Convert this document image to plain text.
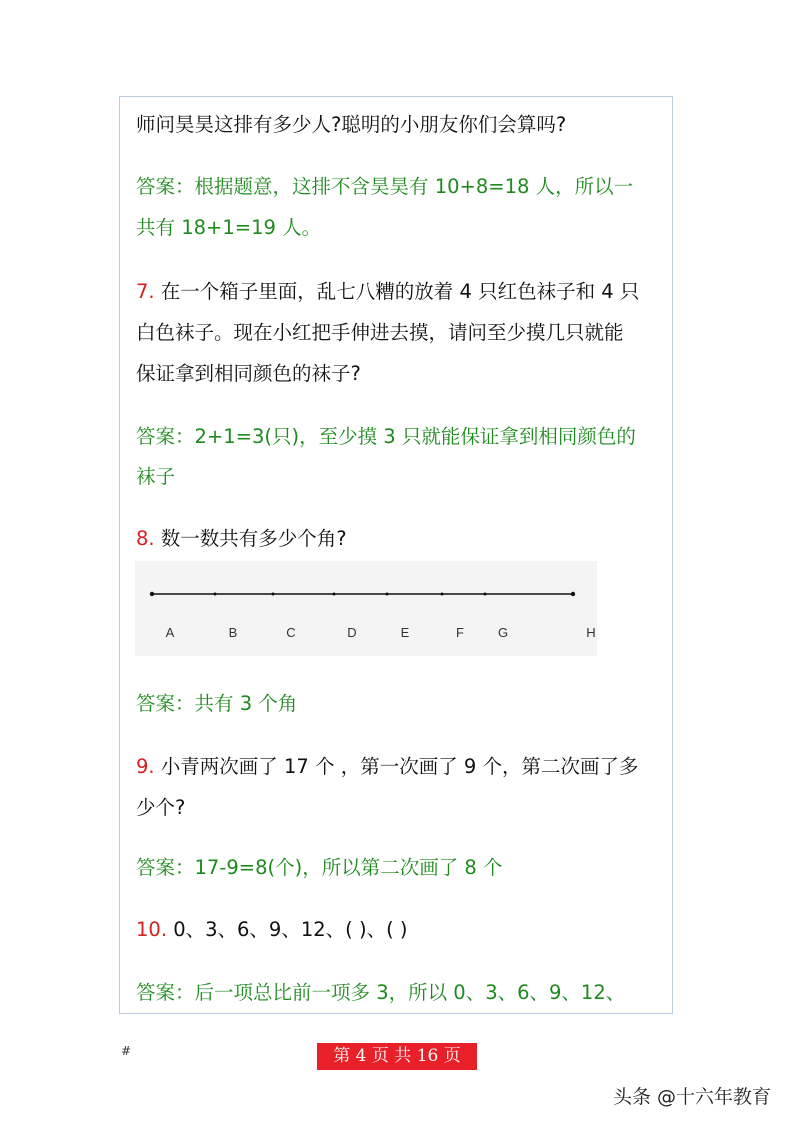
师问昊昊这排有多少人?聪明的小朋友你们会算吗?
答案：根据题意，这排不含昊昊有 10+8=18 人，所以一
共有 18+1=19 人。
7. 在一个箱子里面，乱七八糟的放着 4 只红色袜子和 4 只
白色袜子。现在小红把手伸进去摸，请问至少摸几只就能
保证拿到相同颜色的袜子?
答案：2+1=3(只)，至少摸 3 只就能保证拿到相同颜色的
袜子
8. 数一数共有多少个角?
A	B	C	D	E	F	G	H
答案：共有 3 个角
9. 小青两次画了 17 个 ，第一次画了 9 个，第二次画了多
少个?
答案：17-9=8(个)，所以第二次画了 8 个
10. 0、3、6、9、12、( )、( )
答案：后一项总比前一项多 3，所以 0、3、6、9、12、
#	第 4 页 共 16 页
头条 @十六年教育
